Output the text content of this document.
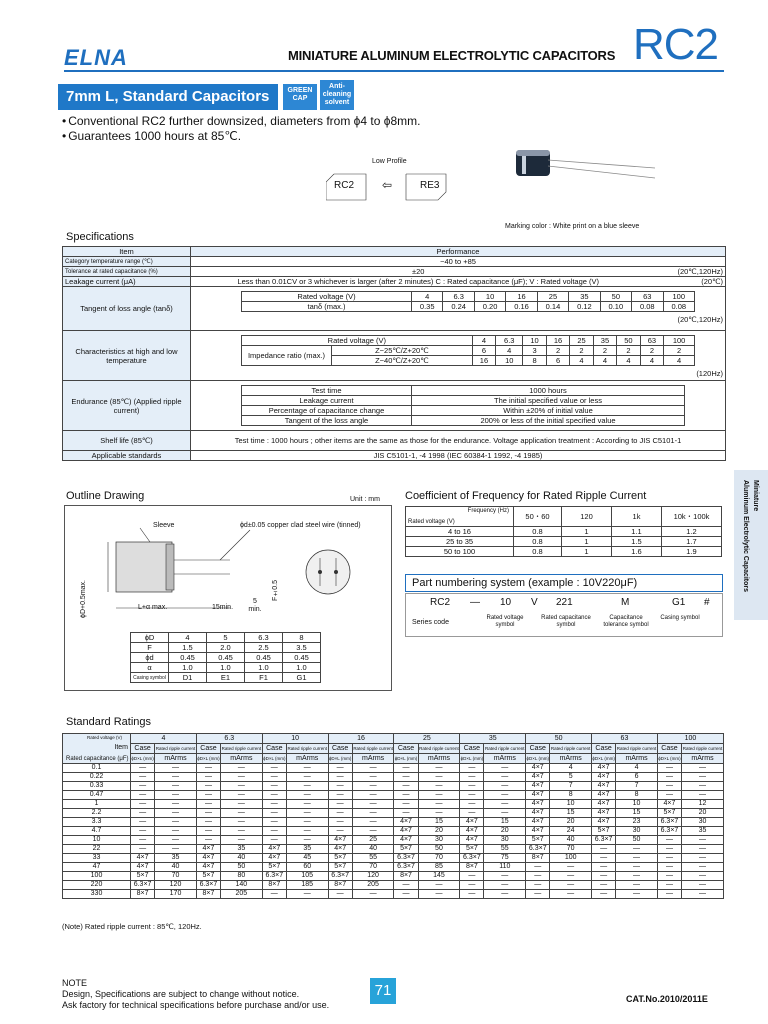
ELNA	MINIATURE ALUMINUM ELECTROLYTIC CAPACITORS RC2
7mm L, Standard Capacitors	GREEN CAP
Anti-cleaning solvent
• Conventional RC2 further downsized, diameters from ϕ4 to ϕ8mm.
• Guarantees 1000 hours at 85℃.
Low Profile
RC2 ⇦	RE3
Marking color : White print on a blue sleeve
Specifications
Item	Performance
Category temperature range (℃)	−40 to +85
Tolerance at rated capacitance (%)	±20	(20℃,120Hz)
Leakage current (μA)	Less than 0.01CV or 3 whichever is larger (after 2 minutes) C : Rated capacitance (μF); V : Rated voltage (V)	(20℃)
Tangent of loss angle (tanδ)	
Rated voltage (V)	4	6.3	10	16	25	35	50	63	100
tanδ (max.)	0.35	0.24	0.20	0.16	0.14	0.12	0.10	0.08	0.08
(20℃,120Hz)

Characteristics at high and low temperature	
Rated voltage (V)	4	6.3	10	16	25	35	50	63	100
Impedance ratio (max.)	Z−25℃/Z+20℃	6	4	3	2	2	2	2	2	2
Z−40℃/Z+20℃	16	10	8	6	4	4	4	4	4
(120Hz)

Endurance (85℃) (Applied ripple current)	
Test time	1000 hours
Leakage current	The initial specified value or less
Percentage of capacitance change	Within ±20% of initial value
Tangent of the loss angle	200% or less of the initial specified value

Shelf life (85℃)	Test time : 1000 hours ; other items are the same as those for the endurance. Voltage application treatment : According to JIS C5101-1
Applicable standards	JIS C5101-1, -4 1998 (IEC 60384-1 1992, -4 1985)
Outline Drawing	Unit : mm
Sleeve	ϕd±0.05 copper clad steel wire (tinned)
ϕD+0.5max.	L+α max.	15min.
5 min.
F±0.5
ϕD	4	5	6.3	8
F	1.5	2.0	2.5	3.5
ϕd	0.45	0.45	0.45	0.45
α	1.0	1.0	1.0	1.0
Casing symbol	D1	E1	F1	G1
Coefficient of Frequency for Rated Ripple Current
Frequency (Hz)
Rated voltage (V)	50・60	120	1k	10k・100k
4 to 16	0.8	1	1.1	1.2
25 to 35	0.8	1	1.5	1.7
50 to 100	0.8	1	1.6	1.9
Part numbering system (example : 10V220μF)
RC2 — 10 V 221	M	G1 #
Series code
Rated voltage symbol
Rated capacitance symbol
Capacitance tolerance symbol
Casing symbol
Miniature
Aluminum Electrolytic Capacitors
Standard Ratings
Rated voltage (V)
Item
Rated capacitance (μF)	4		6.3		10		16		25		35		50		63		100	
	Case	Rated ripple current	Case	Rated ripple current	Case	Rated ripple current	Case	Rated ripple current	Case	Rated ripple current	Case	Rated ripple current	Case	Rated ripple current	Case	Rated ripple current	Case	Rated ripple current
	ϕD×L (mm)	mArms	ϕD×L (mm)	mArms	ϕD×L (mm)	mArms	ϕD×L (mm)	mArms	ϕD×L (mm)	mArms	ϕD×L (mm)	mArms	ϕD×L (mm)	mArms	ϕD×L (mm)	mArms	ϕD×L (mm)	mArms
0.1	—	—	—	—	—	—	—	—	—	—	—	—	4×7	4	4×7	4	—	—
0.22	—	—	—	—	—	—	—	—	—	—	—	—	4×7	5	4×7	6	—	—
0.33	—	—	—	—	—	—	—	—	—	—	—	—	4×7	7	4×7	7	—	—
0.47	—	—	—	—	—	—	—	—	—	—	—	—	4×7	8	4×7	8	—	—
1	—	—	—	—	—	—	—	—	—	—	—	—	4×7	10	4×7	10	4×7	12
2.2	—	—	—	—	—	—	—	—	—	—	—	—	4×7	15	4×7	15	5×7	20
3.3	—	—	—	—	—	—	—	—	4×7	15	4×7	15	4×7	20	4×7	23	6.3×7	30
4.7	—	—	—	—	—	—	—	—	4×7	20	4×7	20	4×7	24	5×7	30	6.3×7	35
10	—	—	—	—	—	—	4×7	25	4×7	30	4×7	30	5×7	40	6.3×7	50	—	—
22	—	—	4×7	35	4×7	35	4×7	40	5×7	50	5×7	55	6.3×7	70	—	—	—	—
33	4×7	35	4×7	40	4×7	45	5×7	55	6.3×7	70	6.3×7	75	8×7	100	—	—	—	—
47	4×7	40	4×7	50	5×7	60	5×7	70	6.3×7	85	8×7	110	—	—	—	—	—	—
100	5×7	70	5×7	80	6.3×7	105	6.3×7	120	8×7	145	—	—	—	—	—	—	—	—
220	6.3×7	120	6.3×7	140	8×7	185	8×7	205	—	—	—	—	—	—	—	—	—	—
330	8×7	170	8×7	205	—	—	—	—	—	—	—	—	—	—	—	—	—	—
(Note) Rated ripple current : 85℃, 120Hz.
NOTE
Design, Specifications are subject to change without notice.
Ask factory for technical specifications before purchase and/or use.
71	CAT.No.2010/2011E
